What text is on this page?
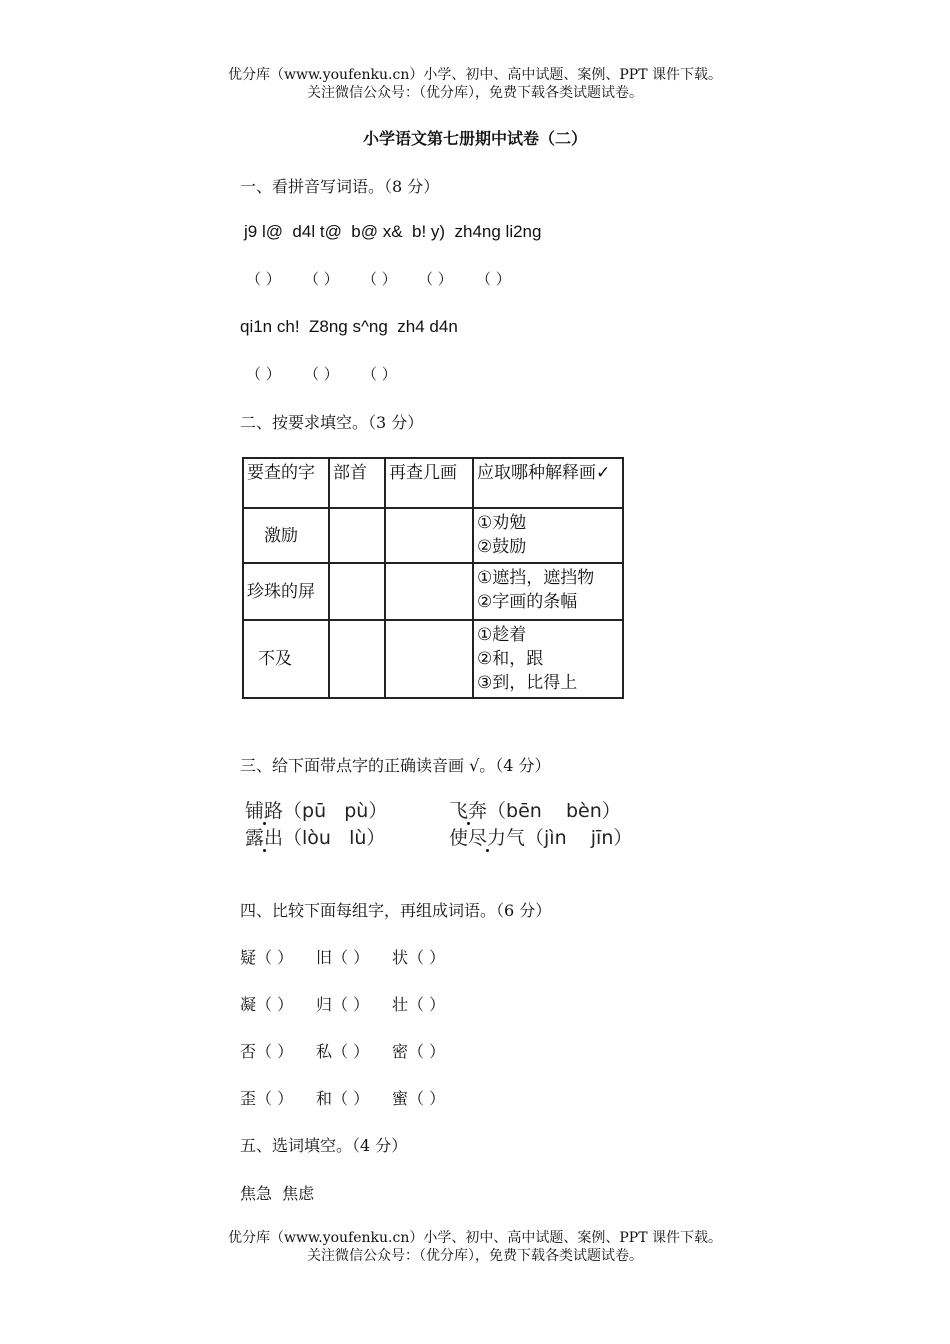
优分库（www.youfenku.cn）小学、初中、高中试题、案例、PPT 课件下载。
关注微信公众号：（优分库），免费下载各类试题试卷。
小学语文第七册期中试卷（二）
一、看拼音写词语。（8 分）
j9 l@  d4l t@  b@ x&  b! y)  zh4ng li2ng
（ ） （ ） （ ） （ ） （ ）
qi1n ch!  Z8ng s^ng  zh4 d4n
（ ） （ ） （ ）
二、按要求填空。（3 分）
要查的字	部首	再查几画	应取哪种解释画✓
激励			①劝勉
②鼓励

珍珠的屏			①遮挡，遮挡物
②字画的条幅

不及			①趁着
②和，跟
③到，比得上
三、给下面带点字的正确读音画 √。（4 分）
铺路（pū   pù）	飞奔（bēn    bèn）
露出（lòu   lù）	使尽力气（jìn    jīn）
四、比较下面每组字，再组成词语。（6 分）
疑（ ） 旧（ ） 状（ ）
凝（ ） 归（ ） 壮（ ）
否（ ） 私（ ） 密（ ）
歪（ ） 和（ ） 蜜（ ）
五、选词填空。（4 分）
焦急  焦虑
优分库（www.youfenku.cn）小学、初中、高中试题、案例、PPT 课件下载。
关注微信公众号：（优分库），免费下载各类试题试卷。
